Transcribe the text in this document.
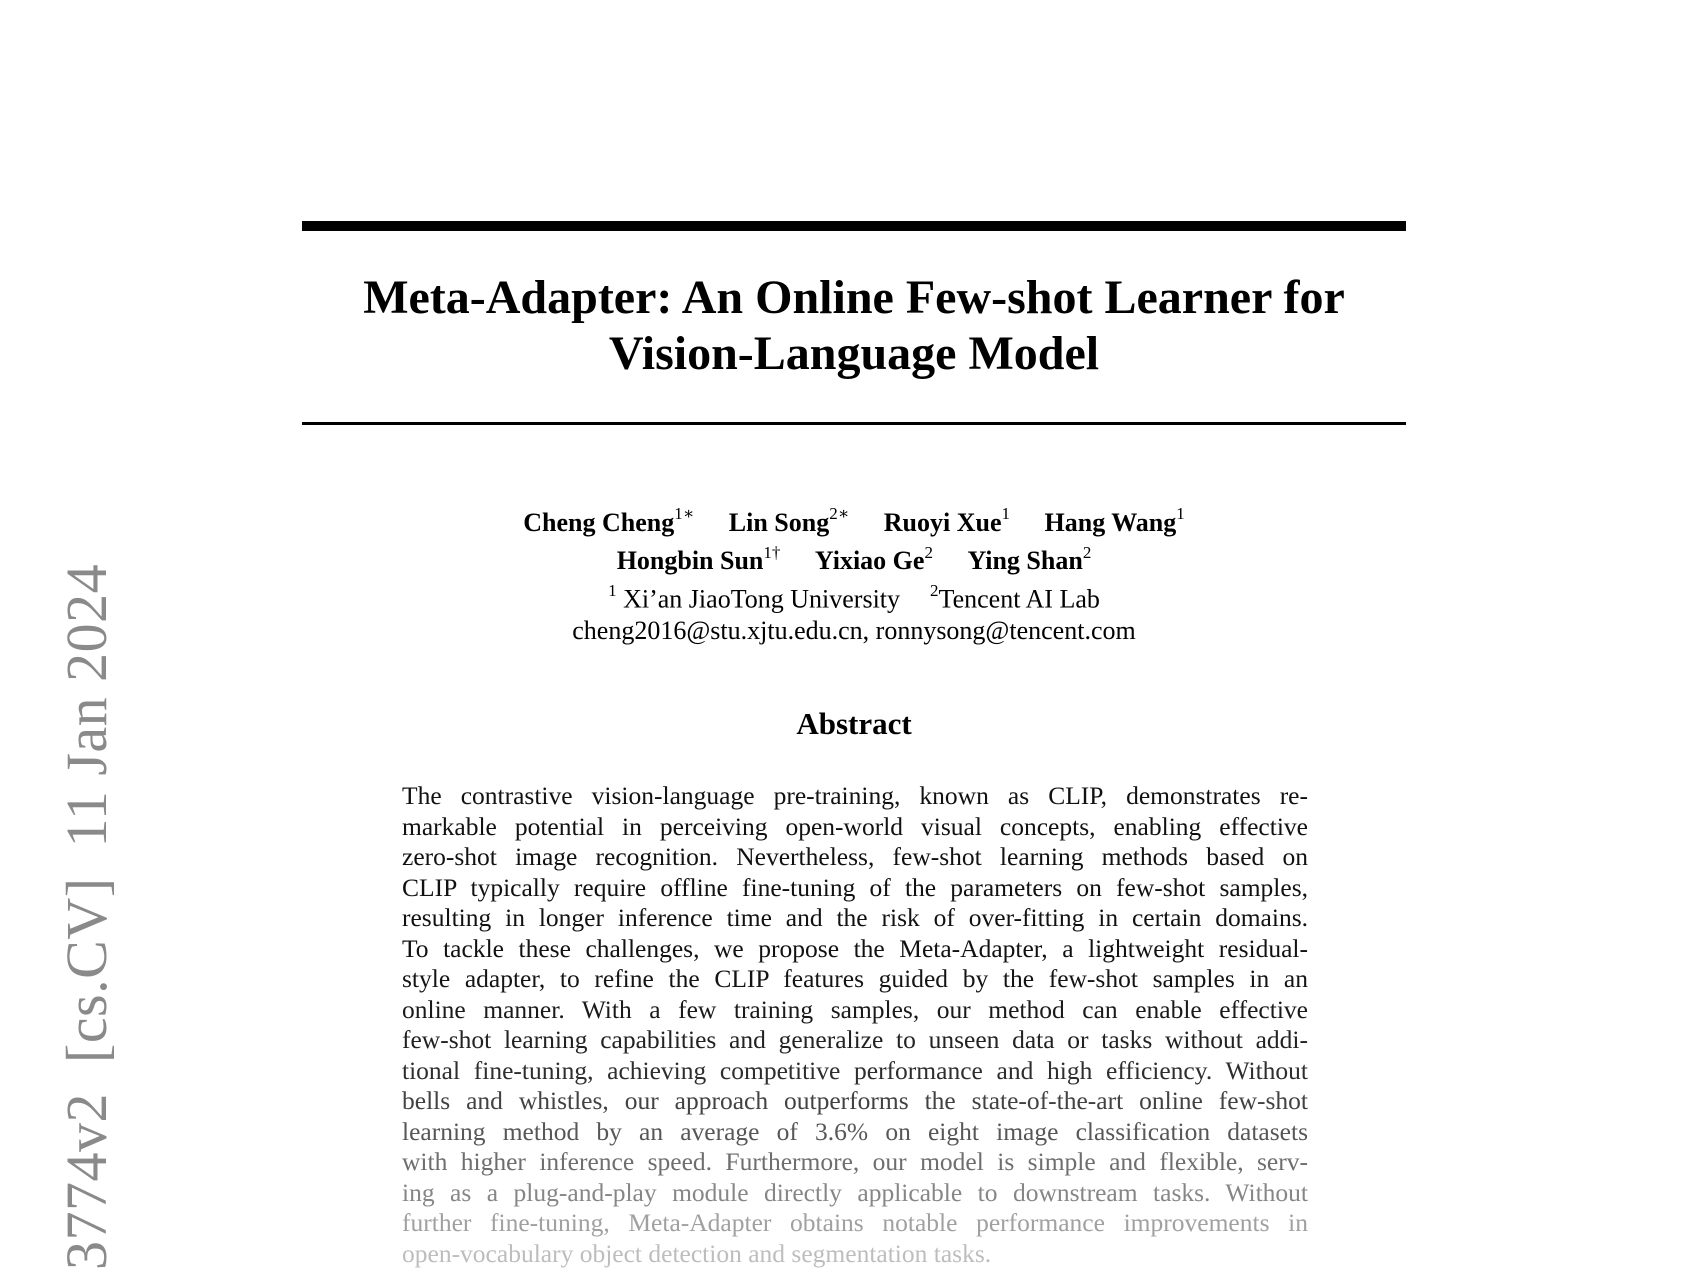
Meta-Adapter: An Online Few-shot Learner for
Vision-Language Model
Cheng Cheng$^{1∗}$ Lin Song$^{2∗}$ Ruoyi Xue$^1$ Hang Wang$^1$
Hongbin Sun$^{1\dagger}$ Yixiao Ge$^2$ Ying Shan$^2$
$^1$ Xi’an JiaoTong University $^2$Tencent AI Lab
cheng2016@stu.xjtu.edu.cn, ronnysong@tencent.com
Abstract
The contrastive vision-language pre-training, known as CLIP, demonstrates re-
markable potential in perceiving open-world visual concepts, enabling effective
zero-shot image recognition. Nevertheless, few-shot learning methods based on
CLIP typically require offline fine-tuning of the parameters on few-shot samples,
resulting in longer inference time and the risk of over-fitting in certain domains.
To tackle these challenges, we propose the Meta-Adapter, a lightweight residual-
style adapter, to refine the CLIP features guided by the few-shot samples in an
online manner. With a few training samples, our method can enable effective
few-shot learning capabilities and generalize to unseen data or tasks without addi-
tional fine-tuning, achieving competitive performance and high efficiency. Without
bells and whistles, our approach outperforms the state-of-the-art online few-shot
learning method by an average of 3.6% on eight image classification datasets
with higher inference speed. Furthermore, our model is simple and flexible, serv-
ing as a plug-and-play module directly applicable to downstream tasks. Without
further fine-tuning, Meta-Adapter obtains notable performance improvements in
open-vocabulary object detection and segmentation tasks.
3774v2  [cs.CV]  11 Jan 2024
